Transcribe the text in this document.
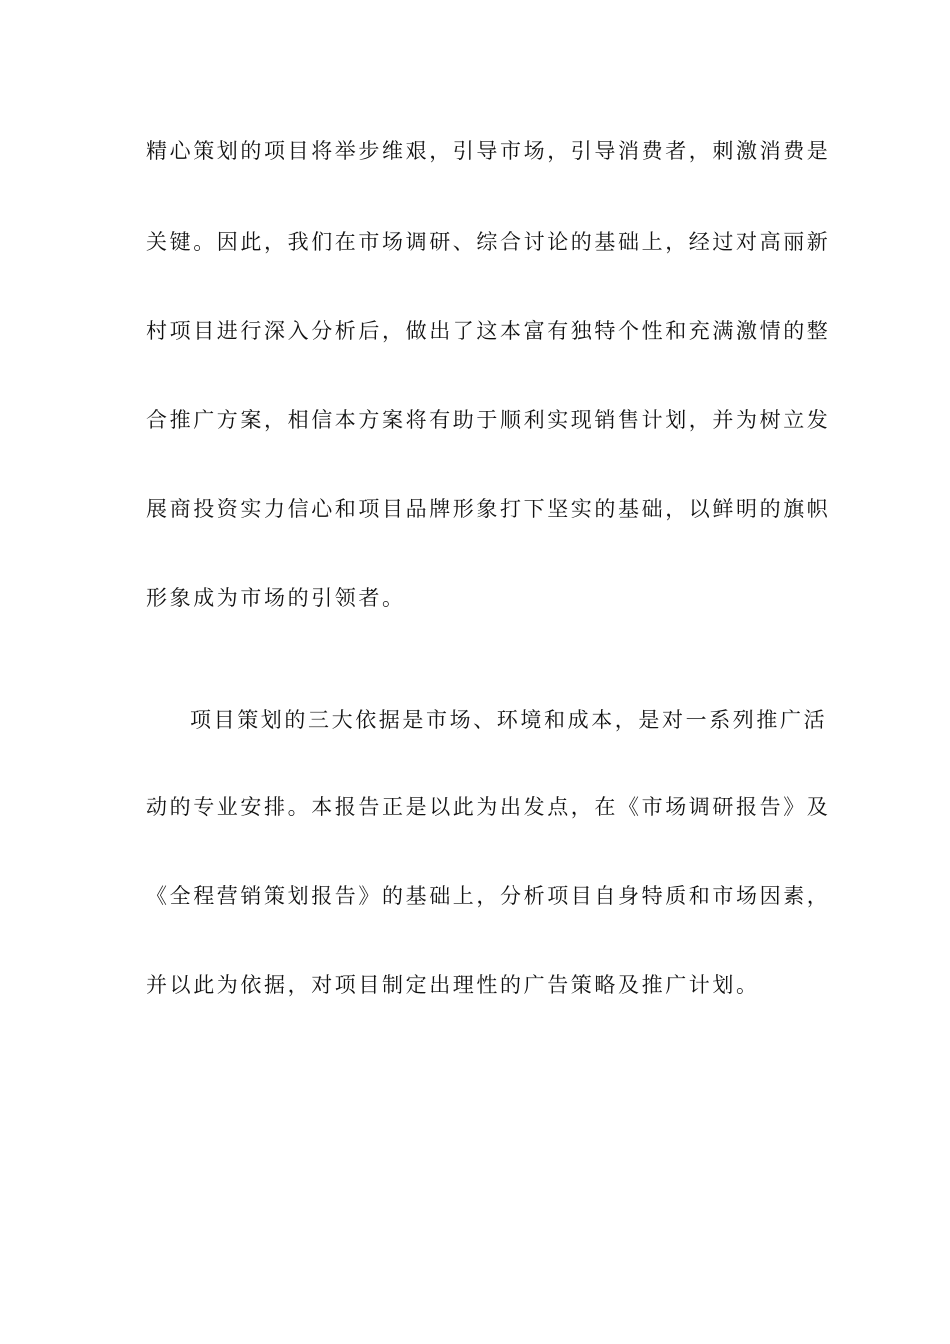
精心策划的项目将举步维艰，引导市场，引导消费者，刺激消费是
关键。因此，我们在市场调研、综合讨论的基础上，经过对高丽新
村项目进行深入分析后，做出了这本富有独特个性和充满激情的整
合推广方案，相信本方案将有助于顺利实现销售计划，并为树立发
展商投资实力信心和项目品牌形象打下坚实的基础，以鲜明的旗帜
形象成为市场的引领者。
项目策划的三大依据是市场、环境和成本，是对一系列推广活
动的专业安排。本报告正是以此为出发点，在《市场调研报告》及
《全程营销策划报告》的基础上，分析项目自身特质和市场因素，
并以此为依据，对项目制定出理性的广告策略及推广计划。
